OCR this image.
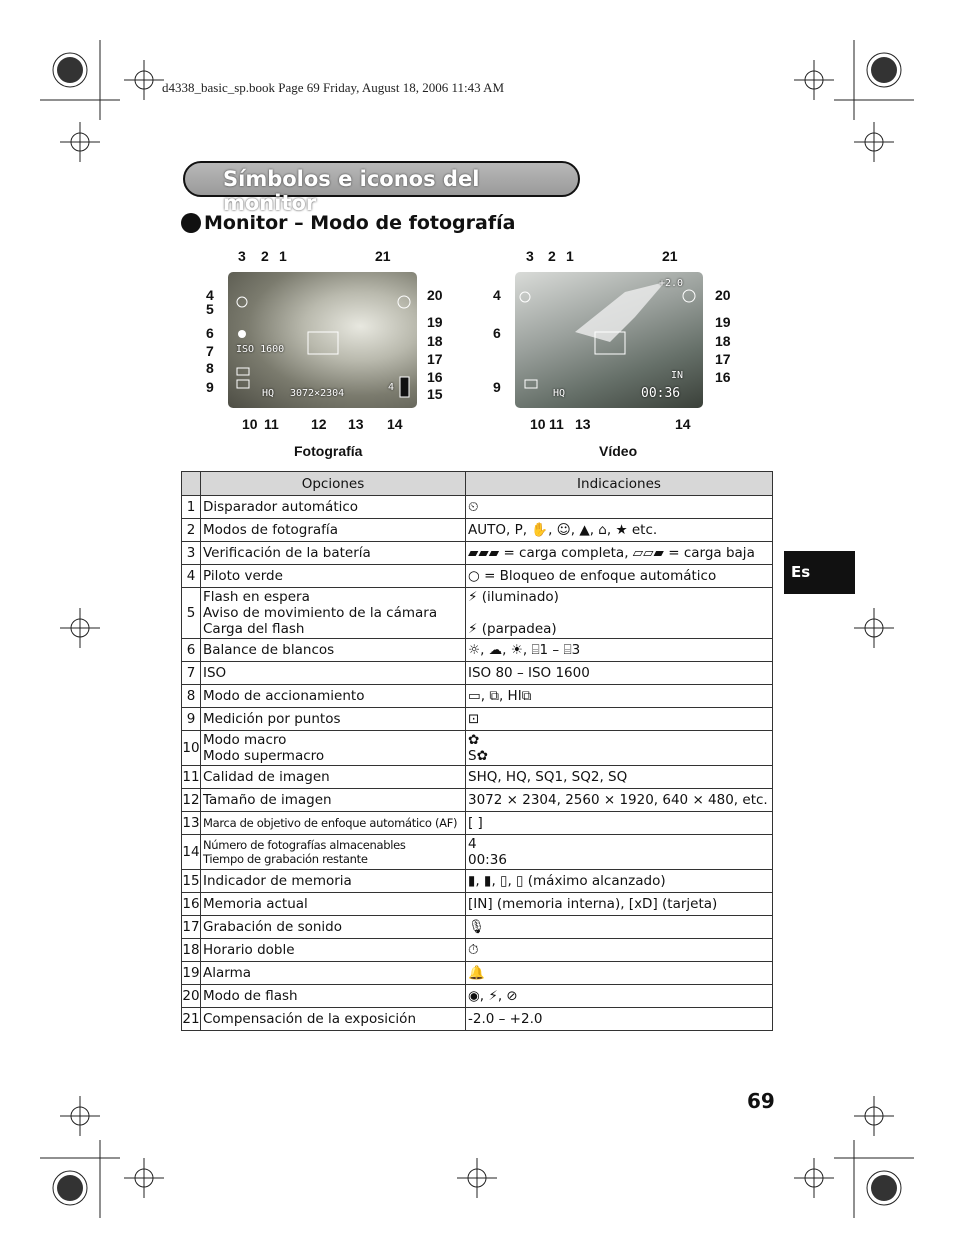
d4338_basic_sp.book Page 69 Friday, August 18, 2006 11:43 AM
Símbolos e iconos del monitor
Monitor – Modo de fotografía
ISO 1600
HQ 3072×2304
4
+2.0
HQ
IN
00:36
3 2 1	21
4
5
6
7
8
9
20
19
18
17
16
15
10 11 12 13 14
Fotografía
3 2 1	21
4
6
9
20
19
18
17
16
10 11 13	14
Vídeo
	Opciones	Indicaciones
1	Disparador automático	⏲
2	Modos de fotografía	AUTO, P, ✋, ☺, ▲, ⌂, ★ etc.
3	Verificación de la batería	▰▰▰ = carga completa, ▱▱▰ = carga baja
4	Piloto verde	○ = Bloqueo de enfoque automático
5	Flash en espera
Aviso de movimiento de la cámara
Carga del flash	⚡ (iluminado)

⚡ (parpadea)
6	Balance de blancos	☼, ☁, ☀, ⌸1 – ⌸3
7	ISO	ISO 80 – ISO 1600
8	Modo de accionamiento	▭, ⧉, HI⧉
9	Medición por puntos	⊡
10	Modo macro
Modo supermacro	✿
S✿
11	Calidad de imagen	SHQ, HQ, SQ1, SQ2, SQ
12	Tamaño de imagen	3072 × 2304, 2560 × 1920, 640 × 480, etc.
13	Marca de objetivo de enfoque automático (AF)	[ ]
14	Número de fotografías almacenables
Tiempo de grabación restante	4
00:36
15	Indicador de memoria	▮, ▮, ▯, ▯ (máximo alcanzado)
16	Memoria actual	[IN] (memoria interna), [xD] (tarjeta)
17	Grabación de sonido	🎙
18	Horario doble	⏱
19	Alarma	🔔
20	Modo de flash	◉, ⚡, ⊘
21	Compensación de la exposición	-2.0 – +2.0
Es
69
